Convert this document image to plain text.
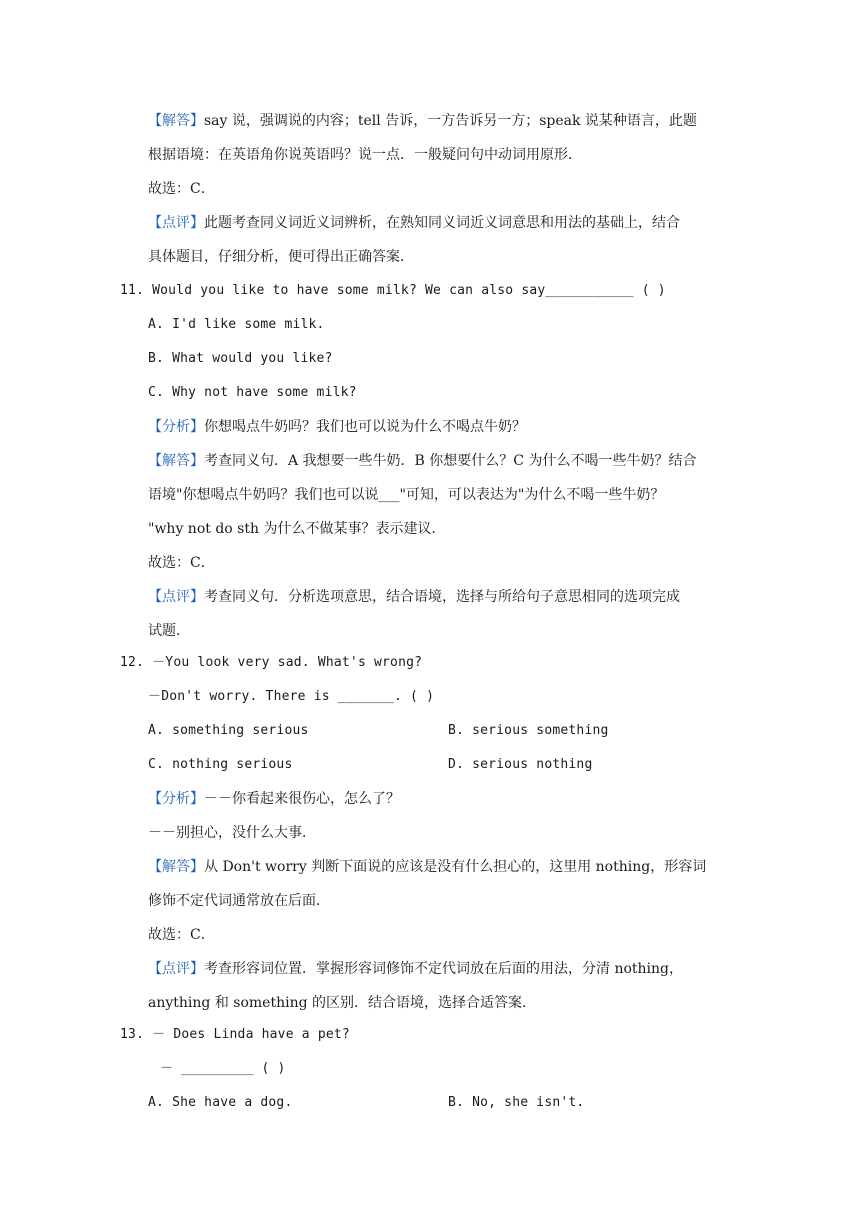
【解答】say 说，强调说的内容；tell 告诉，一方告诉另一方；speak 说某种语言，此题
根据语境：在英语角你说英语吗？说一点．一般疑问句中动词用原形．
故选：C．
【点评】此题考查同义词近义词辨析，在熟知同义词近义词意思和用法的基础上，结合
具体题目，仔细分析，便可得出正确答案．
11. Would you like to have some milk? We can also say___________ ( )
A. I'd like some milk.
B. What would you like?
C. Why not have some milk?
【分析】你想喝点牛奶吗？我们也可以说为什么不喝点牛奶？
【解答】考查同义句．A 我想要一些牛奶．B 你想要什么？C 为什么不喝一些牛奶？结合
语境"你想喝点牛奶吗？我们也可以说___"可知，可以表达为"为什么不喝一些牛奶？
"why not do sth 为什么不做某事？表示建议．
故选：C．
【点评】考查同义句．分析选项意思，结合语境，选择与所给句子意思相同的选项完成
试题．
12. －You look very sad. What's wrong?
－Don't worry. There is _______. ( )
A. something serious	B. serious something
C. nothing serious	D. serious nothing
【分析】－－你看起来很伤心，怎么了？
－－别担心，没什么大事．
【解答】从 Don't worry 判断下面说的应该是没有什么担心的，这里用 nothing，形容词
修饰不定代词通常放在后面．
故选：C．
【点评】考查形容词位置．掌握形容词修饰不定代词放在后面的用法，分清 nothing，
anything 和 something 的区别．结合语境，选择合适答案．
13. － Does Linda have a pet?
－ _________ ( )
A. She have a dog.	B. No, she isn't.
